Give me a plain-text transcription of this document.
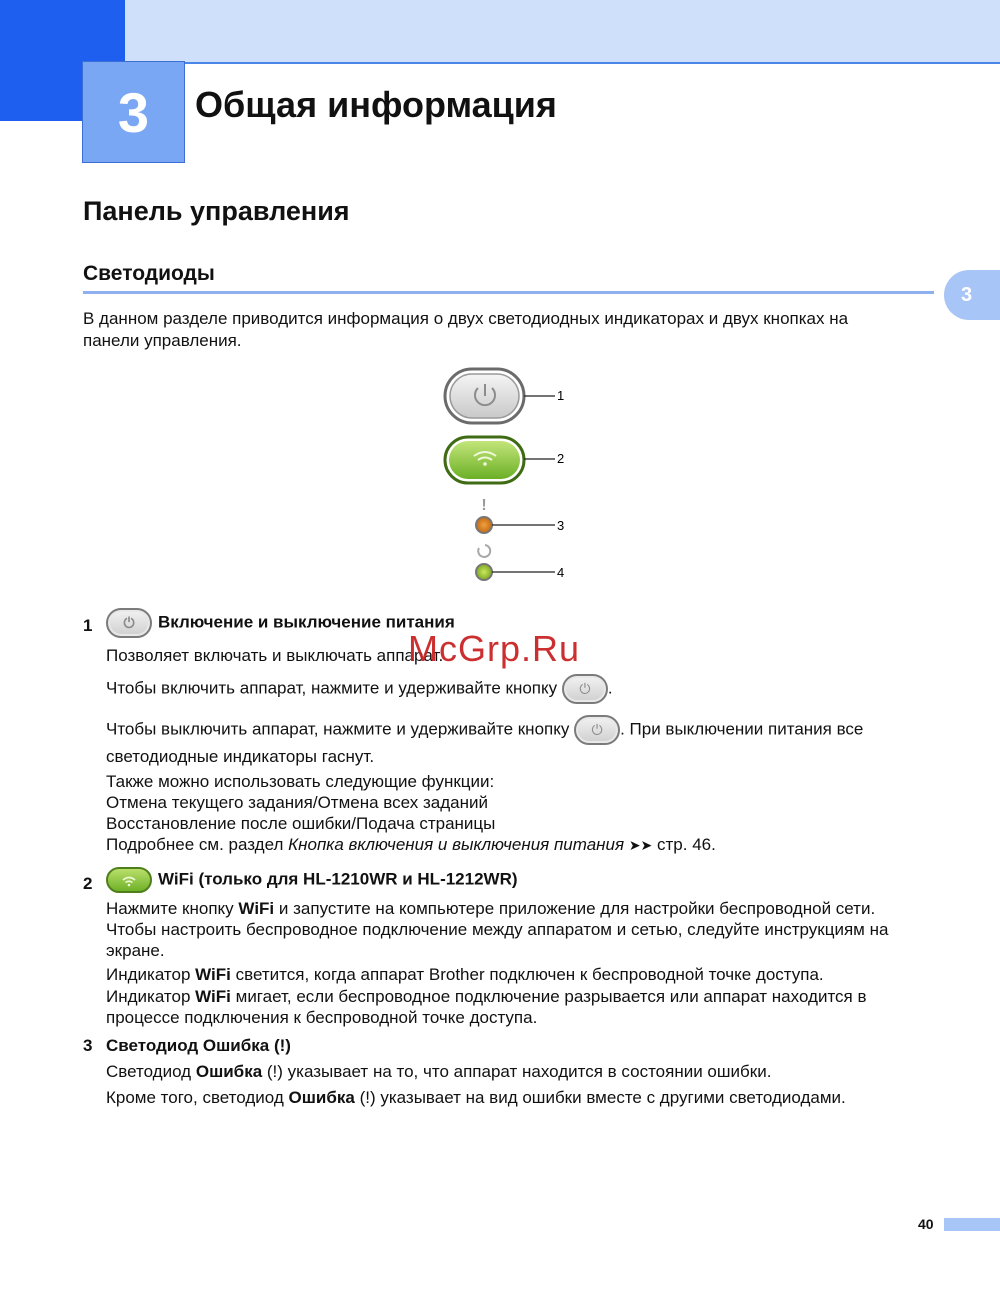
3 Общая информация
Панель управления
Светодиоды
3
В данном разделе приводится информация о двух светодиодных индикаторах и двух кнопках на
панели управления.
!
1
2
3
4
1	⏻	Включение и выключение питания
Позволяет включать и выключать аппарат.
Чтобы включить аппарат, нажмите и удерживайте кнопку	⏻	.
Чтобы выключить аппарат, нажмите и удерживайте кнопку	⏻	. При выключении питания все
светодиодные индикаторы гаснут.
Также можно использовать следующие функции:
Отмена текущего задания/Отмена всех заданий
Восстановление после ошибки/Подача страницы
Подробнее см. раздел Кнопка включения и выключения питания ➤➤ стр. 46.
2	WiFi (только для HL-1210WR и HL-1212WR)
Нажмите кнопку WiFi и запустите на компьютере приложение для настройки беспроводной сети.
Чтобы настроить беспроводное подключение между аппаратом и сетью, следуйте инструкциям на
экране.
Индикатор WiFi светится, когда аппарат Brother подключен к беспроводной точке доступа.
Индикатор WiFi мигает, если беспроводное подключение разрывается или аппарат находится в
процессе подключения к беспроводной точке доступа.
3 Светодиод Ошибка (!)
Светодиод Ошибка (!) указывает на то, что аппарат находится в состоянии ошибки.
Кроме того, светодиод Ошибка (!) указывает на вид ошибки вместе с другими светодиодами.
McGrp.Ru
40
